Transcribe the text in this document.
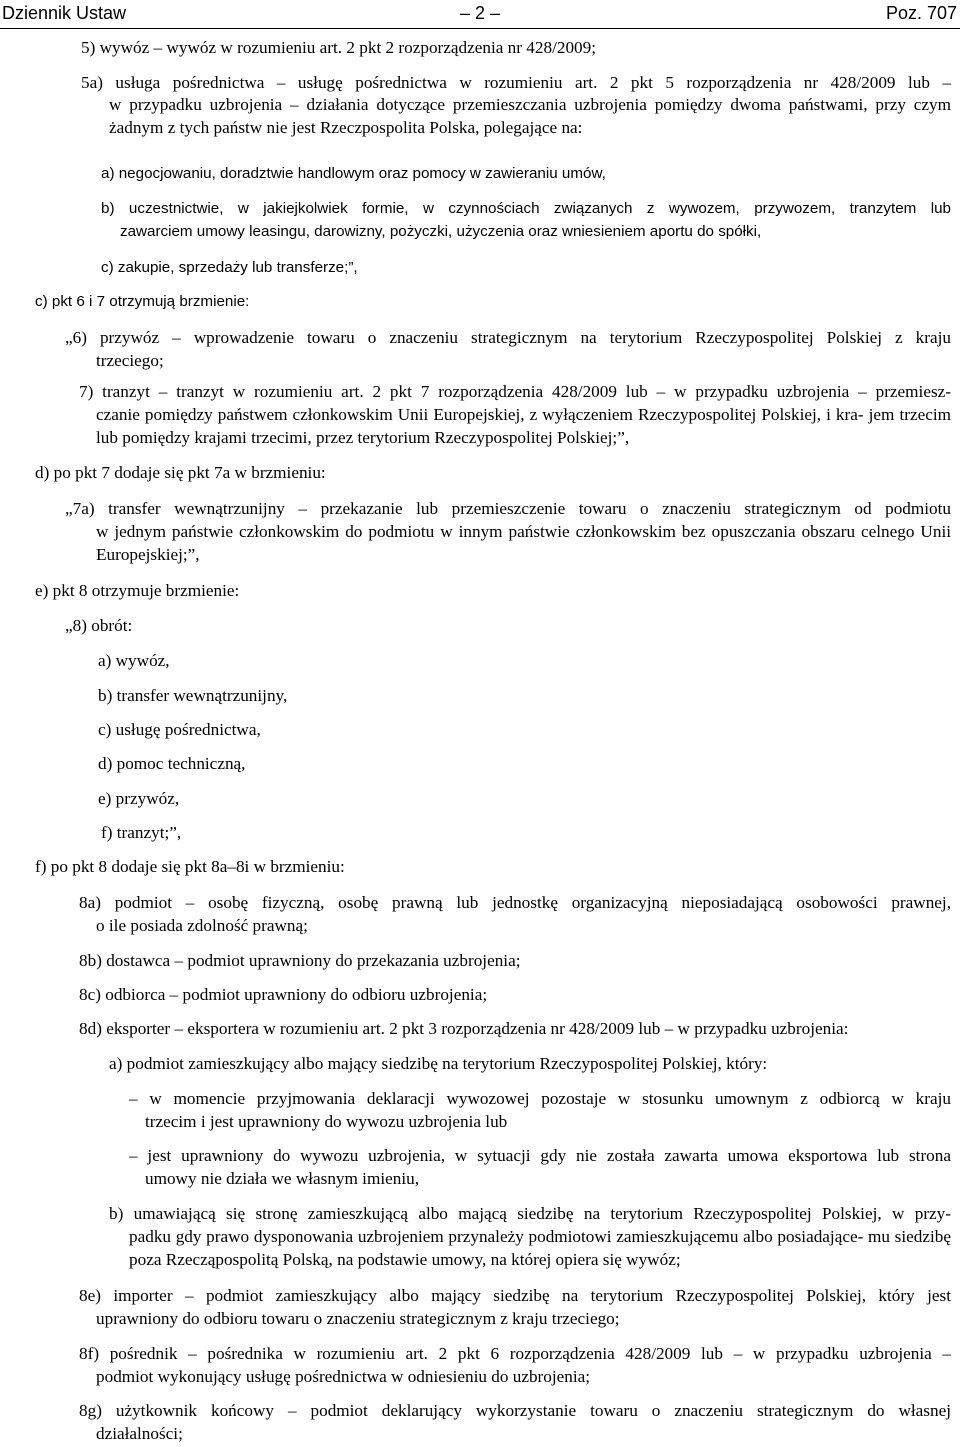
Dziennik Ustaw	– 2 –	Poz. 707
5) wywóz – wywóz w rozumieniu art. 2 pkt 2 rozporządzenia nr 428/2009;
5a) usługa pośrednictwa – usługę pośrednictwa w rozumieniu art. 2 pkt 5 rozporządzenia nr 428/2009 lub –
w przypadku uzbrojenia – działania dotyczące przemieszczania uzbrojenia pomiędzy dwoma państwami, przy czym żadnym z tych państw nie jest Rzeczpospolita Polska, polegające na:
a) negocjowaniu, doradztwie handlowym oraz pomocy w zawieraniu umów,
b) uczestnictwie, w jakiejkolwiek formie, w czynnościach związanych z wywozem, przywozem, tranzytem lub
zawarciem umowy leasingu, darowizny, pożyczki, użyczenia oraz wniesieniem aportu do spółki,
c) zakupie, sprzedaży lub transferze;”,
c) pkt 6 i 7 otrzymują brzmienie:
„6) przywóz – wprowadzenie towaru o znaczeniu strategicznym na terytorium Rzeczypospolitej Polskiej z kraju
trzeciego;
7) tranzyt – tranzyt w rozumieniu art. 2 pkt 7 rozporządzenia 428/2009 lub – w przypadku uzbrojenia – przemiesz-
czanie pomiędzy państwem członkowskim Unii Europejskiej, z wyłączeniem Rzeczypospolitej Polskiej, i kra- jem trzecim lub pomiędzy krajami trzecimi, przez terytorium Rzeczypospolitej Polskiej;”,
d) po pkt 7 dodaje się pkt 7a w brzmieniu:
„7a) transfer wewnątrzunijny – przekazanie lub przemieszczenie towaru o znaczeniu strategicznym od podmiotu
w jednym państwie członkowskim do podmiotu w innym państwie członkowskim bez opuszczania obszaru celnego Unii Europejskiej;”,
e) pkt 8 otrzymuje brzmienie:
„8) obrót:
a) wywóz,
b) transfer wewnątrzunijny,
c) usługę pośrednictwa,
d) pomoc techniczną,
e) przywóz,
f) tranzyt;”,
f) po pkt 8 dodaje się pkt 8a–8i w brzmieniu:
8a) podmiot – osobę fizyczną, osobę prawną lub jednostkę organizacyjną nieposiadającą osobowości prawnej,
o ile posiada zdolność prawną;
8b) dostawca – podmiot uprawniony do przekazania uzbrojenia;
8c) odbiorca – podmiot uprawniony do odbioru uzbrojenia;
8d) eksporter – eksportera w rozumieniu art. 2 pkt 3 rozporządzenia nr 428/2009 lub – w przypadku uzbrojenia:
a) podmiot zamieszkujący albo mający siedzibę na terytorium Rzeczypospolitej Polskiej, który:
– w momencie przyjmowania deklaracji wywozowej pozostaje w stosunku umownym z odbiorcą w kraju
trzecim i jest uprawniony do wywozu uzbrojenia lub
– jest uprawniony do wywozu uzbrojenia, w sytuacji gdy nie została zawarta umowa eksportowa lub strona
umowy nie działa we własnym imieniu,
b) umawiającą się stronę zamieszkującą albo mającą siedzibę na terytorium Rzeczypospolitej Polskiej, w przy-
padku gdy prawo dysponowania uzbrojeniem przynależy podmiotowi zamieszkującemu albo posiadające- mu siedzibę poza Rzecząpospolitą Polską, na podstawie umowy, na której opiera się wywóz;
8e) importer – podmiot zamieszkujący albo mający siedzibę na terytorium Rzeczypospolitej Polskiej, który jest
uprawniony do odbioru towaru o znaczeniu strategicznym z kraju trzeciego;
8f) pośrednik – pośrednika w rozumieniu art. 2 pkt 6 rozporządzenia 428/2009 lub – w przypadku uzbrojenia –
podmiot wykonujący usługę pośrednictwa w odniesieniu do uzbrojenia;
8g) użytkownik końcowy – podmiot deklarujący wykorzystanie towaru o znaczeniu strategicznym do własnej
działalności;
